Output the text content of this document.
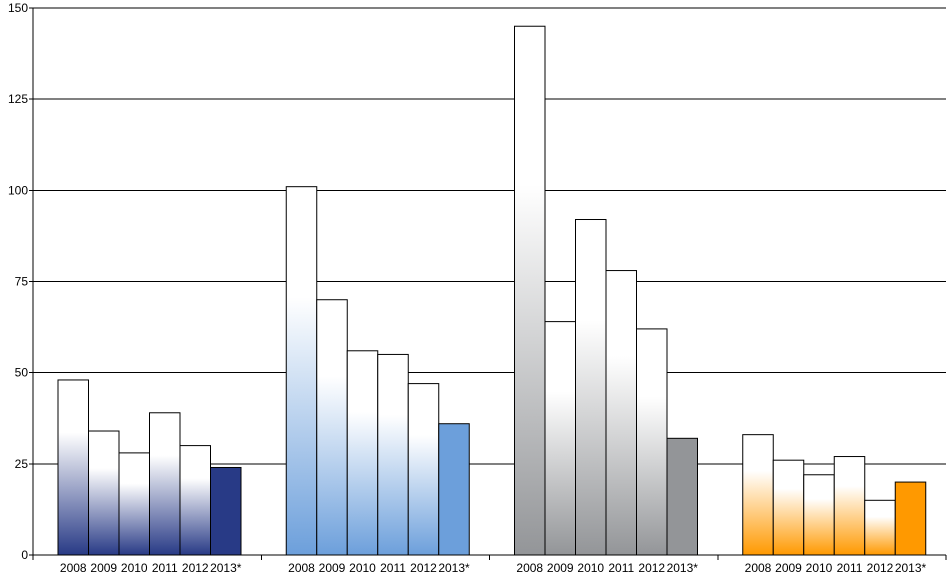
0
25
50
75
100
125
150
2008 2009 2010 2011 2012 2013*	2008 2009 2010 2011 2012 2013*	2008 2009 2010 2011 2012 2013*	2008 2009 2010 2011 2012 2013*
